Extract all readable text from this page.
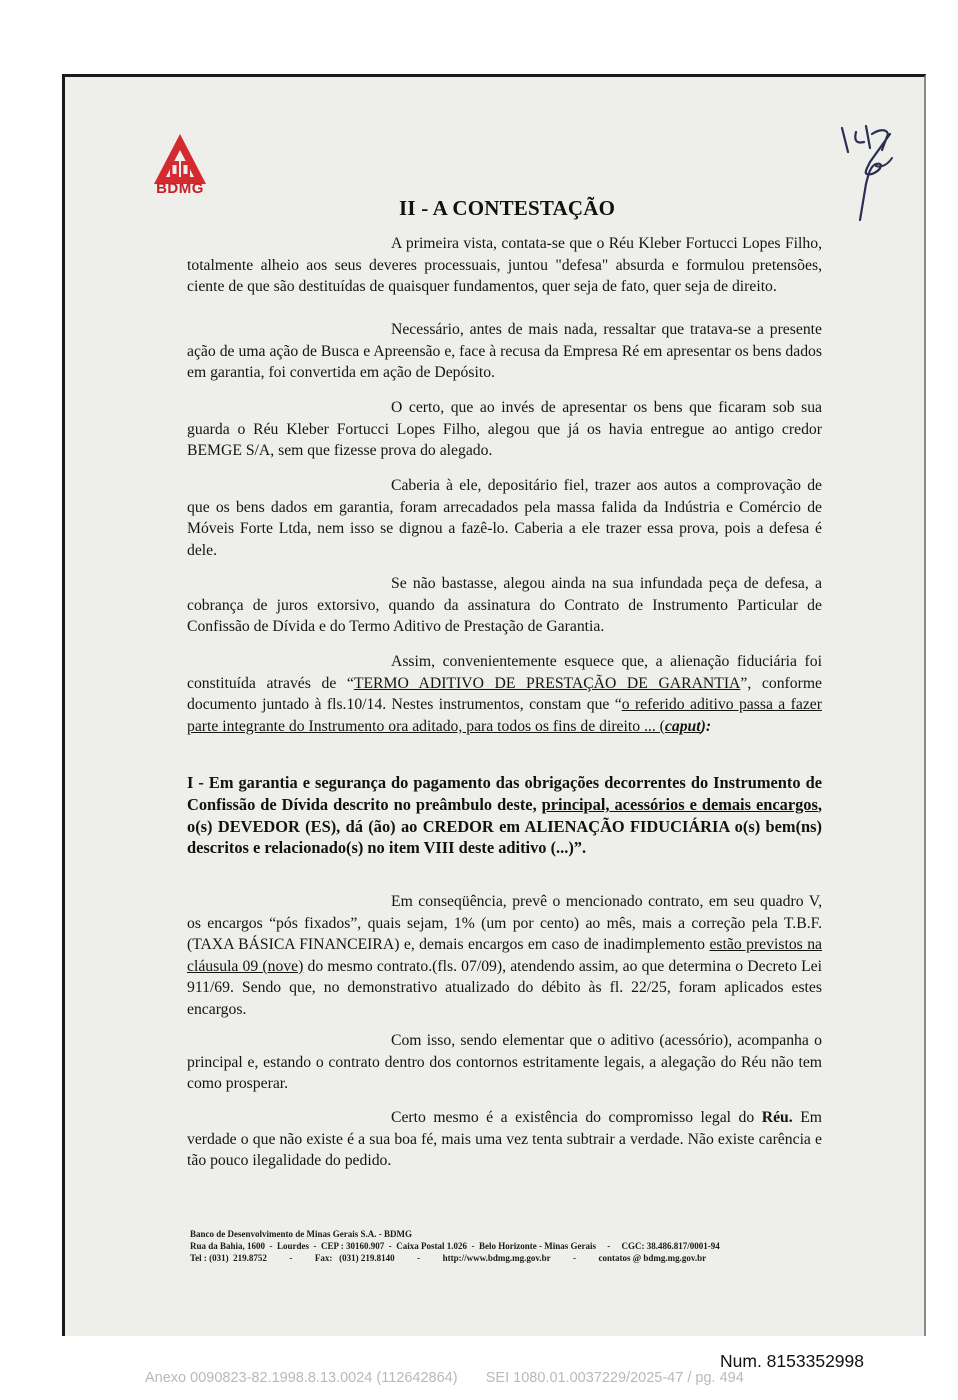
BDMG
II - A CONTESTAÇÃO

A primeira vista, contata-se que o Réu Kleber Fortucci Lopes Filho, totalmente alheio aos seus deveres processuais, juntou "defesa" absurda e formulou pretensões, ciente de que são destituídas de quaisquer fundamentos, quer seja de fato, quer seja de direito.

Necessário, antes de mais nada, ressaltar que tratava-se a presente ação de uma ação de Busca e Apreensão e, face à recusa da Empresa Ré em apresentar os bens dados em garantia, foi convertida em ação de Depósito.

O certo, que ao invés de apresentar os bens que ficaram sob sua guarda o Réu Kleber Fortucci Lopes Filho, alegou que já os havia entregue ao antigo credor BEMGE S/A, sem que fizesse prova do alegado.

Caberia à ele, depositário fiel, trazer aos autos a comprovação de que os bens dados em garantia, foram arrecadados pela massa falida da Indústria e Comércio de Móveis Forte Ltda, nem isso se dignou a fazê-lo. Caberia a ele trazer essa prova, pois a defesa é dele.

Se não bastasse, alegou ainda na sua infundada peça de defesa, a cobrança de juros extorsivo, quando da assinatura do Contrato de Instrumento Particular de Confissão de Dívida e do Termo Aditivo de Prestação de Garantia.

Assim, convenientemente esquece que, a alienação fiduciária foi constituída através de “TERMO ADITIVO DE PRESTAÇÃO DE GARANTIA”, conforme documento juntado à fls.10/14. Nestes instrumentos, constam que “o referido aditivo passa a fazer parte integrante do Instrumento ora aditado, para todos os fins de direito ... (caput):

I - Em garantia e segurança do pagamento das obrigações decorrentes do Instrumento de Confissão de Dívida descrito no preâmbulo deste, principal, acessórios e demais encargos, o(s) DEVEDOR (ES), dá (ão) ao CREDOR em ALIENAÇÃO FIDUCIÁRIA o(s) bem(ns) descritos e relacionado(s) no item VIII deste aditivo (...)”.

Em conseqüência, prevê o mencionado contrato, em seu quadro V, os encargos “pós fixados”, quais sejam, 1% (um por cento) ao mês, mais a correção pela T.B.F. (TAXA BÁSICA FINANCEIRA) e, demais encargos em caso de inadimplemento estão previstos na cláusula 09 (nove) do mesmo contrato.(fls. 07/09), atendendo assim, ao que determina o Decreto Lei 911/69. Sendo que, no demonstrativo atualizado do débito às fl. 22/25, foram aplicados estes encargos.

Com isso, sendo elementar que o aditivo (acessório), acompanha o principal e, estando o contrato dentro dos contornos estritamente legais, a alegação do Réu não tem como prosperar.

Certo mesmo é a existência do compromisso legal do Réu. Em verdade o que não existe é a sua boa fé, mais uma vez tenta subtrair a verdade. Não existe carência e tão pouco ilegalidade do pedido.

Banco de Desenvolvimento de Minas Gerais S.A. - BDMG
Rua da Bahia, 1600  -  Lourdes  -  CEP : 30160.907  -  Caixa Postal 1.026  -  Belo Horizonte - Minas Gerais     -     CGC: 38.486.817/0001-94
Tel : (031)  219.8752          -          Fax:   (031) 219.8140          -          http://www.bdmg.mg.gov.br          -          contatos @ bdmg.mg.gov.br
Num. 8153352998
Anexo 0090823-82.1998.8.13.0024 (112642864)       SEI 1080.01.0037229/2025-47 / pg. 494
